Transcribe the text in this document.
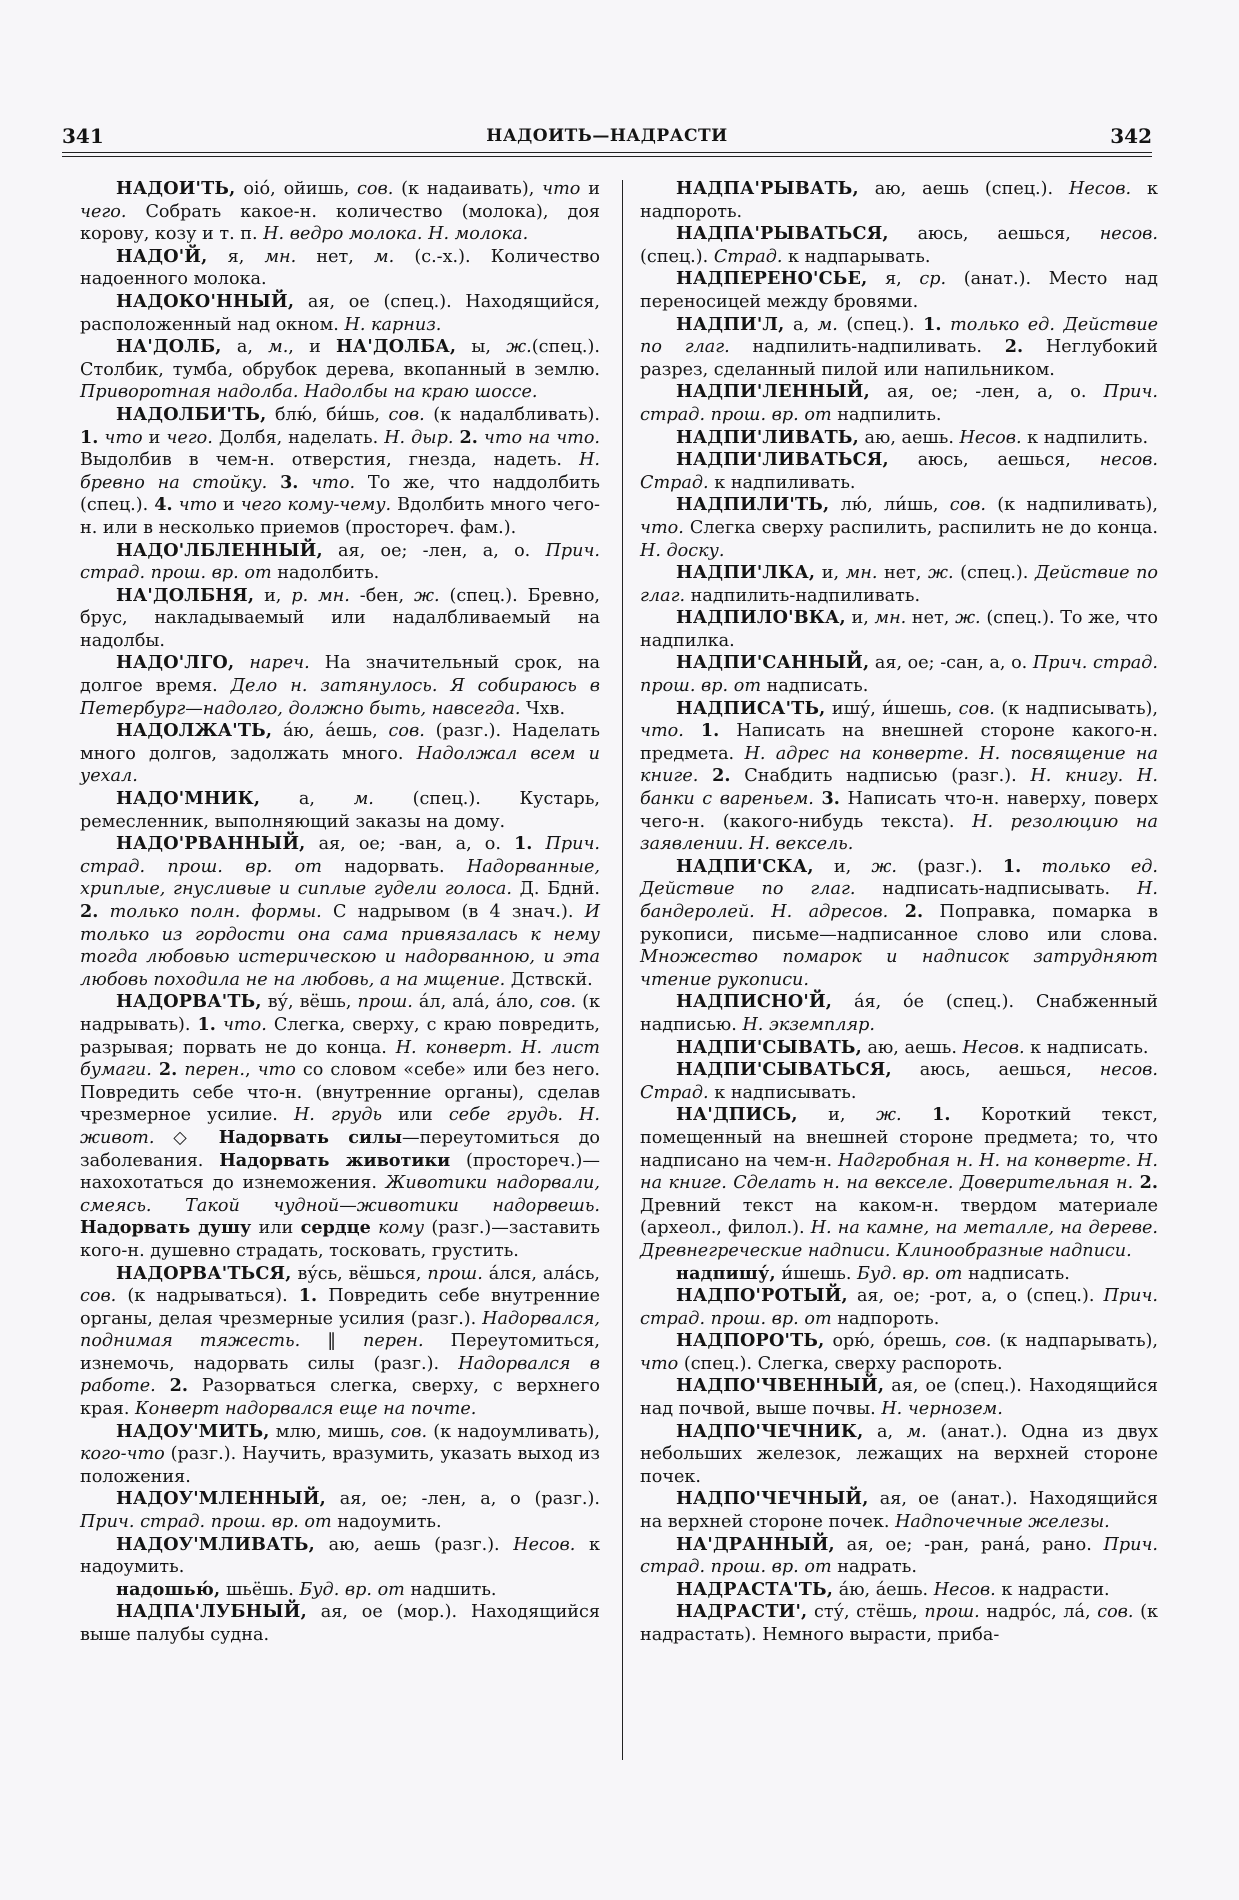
341	НАДОИТЬ—НАДРАСТИ	342

НАДОИ'ТЬ, оió, ойишь, сов. (к надаивать), что и чего. Собрать какое-н. количество (молока), доя корову, козу и т. п. Н. ведро молока. Н. молока.

НАДО'Й, я, мн. нет, м. (с.-х.). Количество надоенного молока.

НАДОКО'ННЫЙ, ая, ое (спец.). Находящийся, расположенный над окном. Н. карниз.

НА'ДОЛБ, а, м., и НА'ДОЛБА, ы, ж.(спец.). Столбик, тумба, обрубок дерева, вкопанный в землю. Приворотная надолба. Надолбы на краю шоссе.

НАДОЛБИ'ТЬ, блю́, би́шь, сов. (к надалбливать). 1. что и чего. Долбя, наделать. Н. дыр. 2. что на что. Выдолбив в чем-н. отверстия, гнезда, надеть. Н. бревно на стойку. 3. что. То же, что наддолбить (спец.). 4. что и чего кому-чему. Вдолбить много чего-н. или в несколько приемов (простореч. фам.).

НАДО'ЛБЛЕННЫЙ, ая, ое; -лен, а, о. Прич. страд. прош. вр. от надолбить.

НА'ДОЛБНЯ, и, р. мн. -бен, ж. (спец.). Бревно, брус, накладываемый или надалбливаемый на надолбы.

НАДО'ЛГО, нареч. На значительный срок, на долгое время. Дело н. затянулось. Я собираюсь в Петербург—надолго, должно быть, навсегда. Чхв.

НАДОЛЖА'ТЬ, а́ю, а́ешь, сов. (разг.). Наделать много долгов, задолжать много. Надолжал всем и уехал.

НАДО'МНИК, а, м. (спец.). Кустарь, ремесленник, выполняющий заказы на дому.

НАДО'РВАННЫЙ, ая, ое; -ван, а, о. 1. Прич. страд. прош. вр. от надорвать. Надорванные, хриплые, гнусливые и сиплые гудели голоса. Д. Бднй. 2. только полн. формы. С надрывом (в 4 знач.). И только из гордости она сама привязалась к нему тогда любовью истерическою и надорванною, и эта любовь походила не на любовь, а на мщение. Дствскй.

НАДОРВА'ТЬ, ву́, вёшь, прош. а́л, ала́, а́ло, сов. (к надрывать). 1. что. Слегка, сверху, с краю повредить, разрывая; порвать не до конца. Н. конверт. Н. лист бумаги. 2. перен., что со словом «себе» или без него. Повредить себе что-н. (внутренние органы), сделав чрезмерное усилие. Н. грудь или себе грудь. Н. живот. ◇ Надорвать силы—переутомиться до заболевания. Надорвать животики (простореч.)—нахохотаться до изнеможения. Животики надорвали, смеясь. Такой чудной—животики надорвешь. Надорвать душу или сердце кому (разг.)—заставить кого-н. душевно страдать, тосковать, грустить.

НАДОРВА'ТЬСЯ, ву́сь, вёшься, прош. а́лся, ала́сь, сов. (к надрываться). 1. Повредить себе внутренние органы, делая чрезмерные усилия (разг.). Надорвался, поднимая тяжесть. ‖ перен. Переутомиться, изнемочь, надорвать силы (разг.). Надорвался в работе. 2. Разорваться слегка, сверху, с верхнего края. Конверт надорвался еще на почте.

НАДОУ'МИТЬ, млю, мишь, сов. (к надоумливать), кого-что (разг.). Научить, вразумить, указать выход из положения.

НАДОУ'МЛЕННЫЙ, ая, ое; -лен, а, о (разг.). Прич. страд. прош. вр. от надоумить.

НАДОУ'МЛИВАТЬ, аю, аешь (разг.). Несов. к надоумить.

надошью́, шьёшь. Буд. вр. от надшить.

НАДПА'ЛУБНЫЙ, ая, ое (мор.). Находящийся выше палубы судна.

НАДПА'РЫВАТЬ, аю, аешь (спец.). Несов. к надпороть.

НАДПА'РЫВАТЬСЯ, аюсь, аешься, несов. (спец.). Страд. к надпарывать.

НАДПЕРЕНО'СЬЕ, я, ср. (анат.). Место над переносицей между бровями.

НАДПИ'Л, а, м. (спец.). 1. только ед. Действие по глаг. надпилить-надпиливать. 2. Неглубокий разрез, сделанный пилой или напильником.

НАДПИ'ЛЕННЫЙ, ая, ое; -лен, а, о. Прич. страд. прош. вр. от надпилить.

НАДПИ'ЛИВАТЬ, аю, аешь. Несов. к надпилить.

НАДПИ'ЛИВАТЬСЯ, аюсь, аешься, несов. Страд. к надпиливать.

НАДПИЛИ'ТЬ, лю́, ли́шь, сов. (к надпиливать), что. Слегка сверху распилить, распилить не до конца. Н. доску.

НАДПИ'ЛКА, и, мн. нет, ж. (спец.). Действие по глаг. надпилить-надпиливать.

НАДПИЛО'ВКА, и, мн. нет, ж. (спец.). То же, что надпилка.

НАДПИ'САННЫЙ, ая, ое; -сан, а, о. Прич. страд. прош. вр. от надписать.

НАДПИСА'ТЬ, ишу́, и́шешь, сов. (к надписывать), что. 1. Написать на внешней стороне какого-н. предмета. Н. адрес на конверте. Н. посвящение на книге. 2. Снабдить надписью (разг.). Н. книгу. Н. банки с вареньем. 3. Написать что-н. наверху, поверх чего-н. (какого-нибудь текста). Н. резолюцию на заявлении. Н. вексель.

НАДПИ'СКА, и, ж. (разг.). 1. только ед. Действие по глаг. надписать-надписывать. Н. бандеролей. Н. адресов. 2. Поправка, помарка в рукописи, письме—надписанное слово или слова. Множество помарок и надписок затрудняют чтение рукописи.

НАДПИСНО'Й, а́я, о́е (спец.). Снабженный надписью. Н. экземпляр.

НАДПИ'СЫВАТЬ, аю, аешь. Несов. к надписать.

НАДПИ'СЫВАТЬСЯ, аюсь, аешься, несов. Страд. к надписывать.

НА'ДПИСЬ, и, ж. 1. Короткий текст, помещенный на внешней стороне предмета; то, что надписано на чем-н. Надгробная н. Н. на конверте. Н. на книге. Сделать н. на векселе. Доверительная н. 2. Древний текст на каком-н. твердом материале (археол., филол.). Н. на камне, на металле, на дереве. Древнегреческие надписи. Клинообразные надписи.

надпишу́, и́шешь. Буд. вр. от надписать.

НАДПО'РОТЫЙ, ая, ое; -рот, а, о (спец.). Прич. страд. прош. вр. от надпороть.

НАДПОРО'ТЬ, орю́, о́решь, сов. (к надпарывать), что (спец.). Слегка, сверху распороть.

НАДПО'ЧВЕННЫЙ, ая, ое (спец.). Находящийся над почвой, выше почвы. Н. чернозем.

НАДПО'ЧЕЧНИК, а, м. (анат.). Одна из двух небольших железок, лежащих на верхней стороне почек.

НАДПО'ЧЕЧНЫЙ, ая, ое (анат.). Находящийся на верхней стороне почек. Надпочечные железы.

НА'ДРАННЫЙ, ая, ое; -ран, рана́, рано. Прич. страд. прош. вр. от надрать.

НАДРАСТА'ТЬ, а́ю, а́ешь. Несов. к надрасти.

НАДРАСТИ', сту́, стёшь, прош. надро́с, ла́, сов. (к надрастать). Немного вырасти, приба-
